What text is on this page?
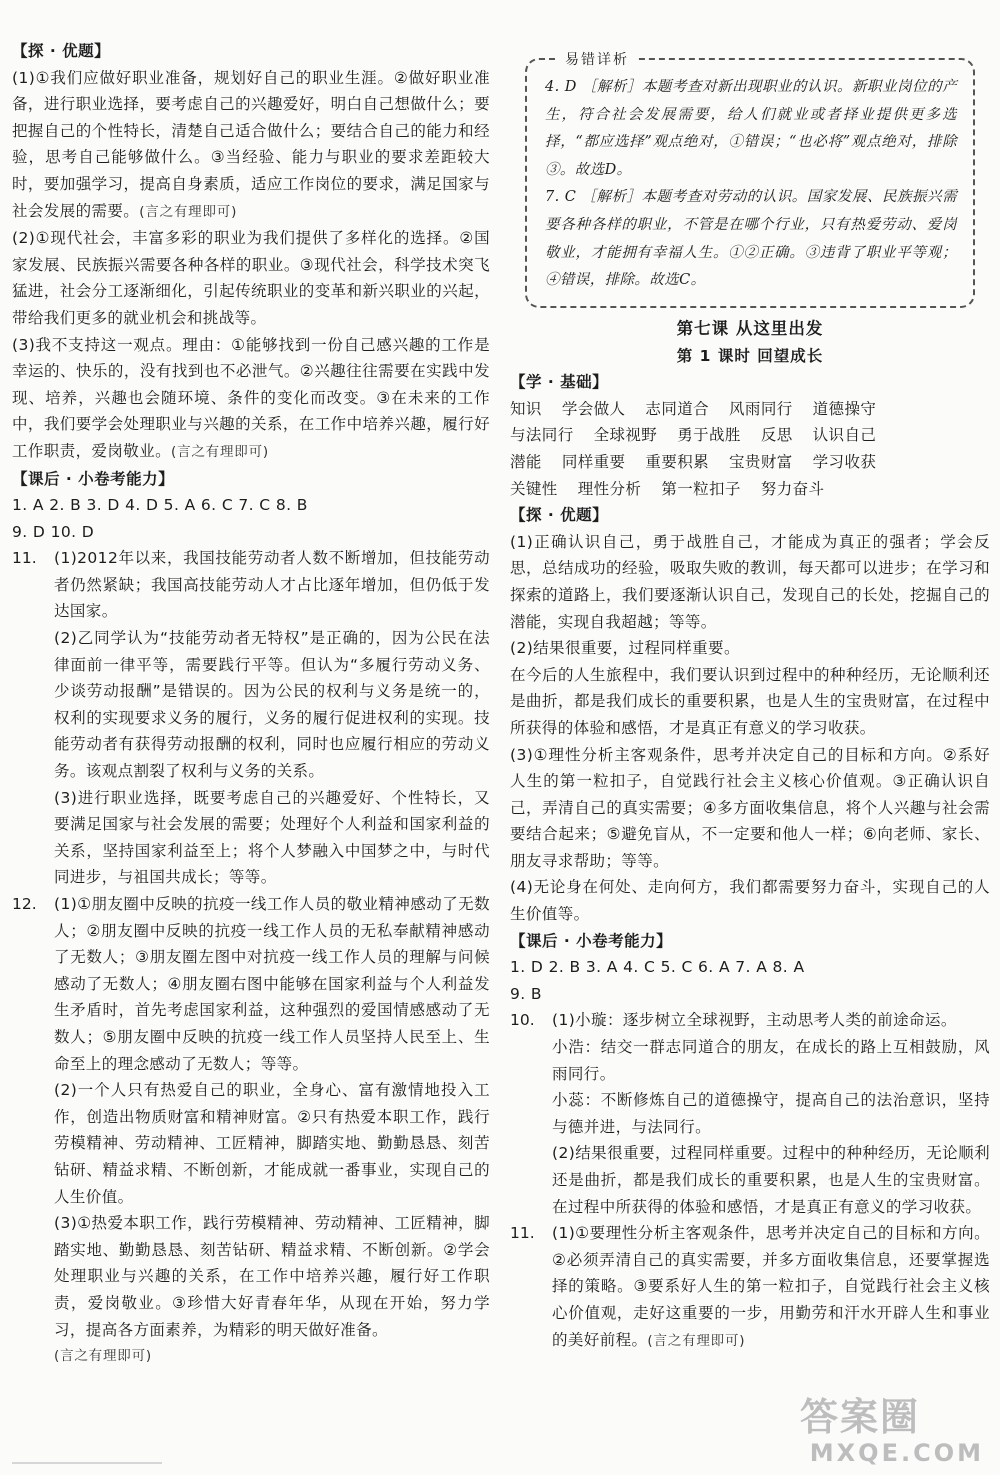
【探 · 优题】

(1)①我们应做好职业准备，规划好自己的职业生涯。②做好职业准备，进行职业选择，要考虑自己的兴趣爱好，明白自己想做什么；要把握自己的个性特长，清楚自己适合做什么；要结合自己的能力和经验，思考自己能够做什么。③当经验、能力与职业的要求差距较大时，要加强学习，提高自身素质，适应工作岗位的要求，满足国家与社会发展的需要。(言之有理即可)

(2)①现代社会，丰富多彩的职业为我们提供了多样化的选择。②国家发展、民族振兴需要各种各样的职业。③现代社会，科学技术突飞猛进，社会分工逐渐细化，引起传统职业的变革和新兴职业的兴起，带给我们更多的就业机会和挑战等。

(3)我不支持这一观点。理由：①能够找到一份自己感兴趣的工作是幸运的、快乐的，没有找到也不必泄气。②兴趣往往需要在实践中发现、培养，兴趣也会随环境、条件的变化而改变。③在未来的工作中，我们要学会处理职业与兴趣的关系，在工作中培养兴趣，履行好工作职责，爱岗敬业。(言之有理即可)

【课后 · 小卷考能力】

1. A 2. B 3. D 4. D 5. A 6. C 7. C 8. B

9. D 10. D

11.	(1)2012年以来，我国技能劳动者人数不断增加，但技能劳动者仍然紧缺；我国高技能劳动人才占比逐年增加，但仍低于发达国家。

(2)乙同学认为“技能劳动者无特权”是正确的，因为公民在法律面前一律平等，需要践行平等。但认为“多履行劳动义务、少谈劳动报酬”是错误的。因为公民的权利与义务是统一的，权利的实现要求义务的履行，义务的履行促进权利的实现。技能劳动者有获得劳动报酬的权利，同时也应履行相应的劳动义务。该观点割裂了权利与义务的关系。

(3)进行职业选择，既要考虑自己的兴趣爱好、个性特长，又要满足国家与社会发展的需要；处理好个人利益和国家利益的关系，坚持国家利益至上；将个人梦融入中国梦之中，与时代同进步，与祖国共成长；等等。

12.	(1)①朋友圈中反映的抗疫一线工作人员的敬业精神感动了无数人；②朋友圈中反映的抗疫一线工作人员的无私奉献精神感动了无数人；③朋友圈左图中对抗疫一线工作人员的理解与问候感动了无数人；④朋友圈右图中能够在国家利益与个人利益发生矛盾时，首先考虑国家利益，这种强烈的爱国情感感动了无数人；⑤朋友圈中反映的抗疫一线工作人员坚持人民至上、生命至上的理念感动了无数人；等等。

(2)一个人只有热爱自己的职业，全身心、富有激情地投入工作，创造出物质财富和精神财富。②只有热爱本职工作，践行劳模精神、劳动精神、工匠精神，脚踏实地、勤勤恳恳、刻苦钻研、精益求精、不断创新，才能成就一番事业，实现自己的人生价值。

(3)①热爱本职工作，践行劳模精神、劳动精神、工匠精神，脚踏实地、勤勤恳恳、刻苦钻研、精益求精、不断创新。②学会处理职业与兴趣的关系，在工作中培养兴趣，履行好工作职责，爱岗敬业。③珍惜大好青春年华，从现在开始，努力学习，提高各方面素养，为精彩的明天做好准备。

(言之有理即可)

易错详析

4. D ［解析］本题考查对新出现职业的认识。新职业岗位的产生，符合社会发展需要，给人们就业或者择业提供更多选择，“都应选择”观点绝对，①错误；“也必将”观点绝对，排除③。故选D。

7. C ［解析］本题考查对劳动的认识。国家发展、民族振兴需要各种各样的职业，不管是在哪个行业，只有热爱劳动、爱岗敬业，才能拥有幸福人生。①②正确。③违背了职业平等观；④错误，排除。故选C。

第七课 从这里出发
第 1 课时 回望成长

【学 · 基础】

知识 学会做人 志同道合 风雨同行 道德操守
与法同行 全球视野 勇于战胜 反思 认识自己
潜能 同样重要 重要积累 宝贵财富 学习收获
关键性 理性分析 第一粒扣子 努力奋斗

【探 · 优题】

(1)正确认识自己，勇于战胜自己，才能成为真正的强者；学会反思，总结成功的经验，吸取失败的教训，每天都可以进步；在学习和探索的道路上，我们要逐渐认识自己，发现自己的长处，挖掘自己的潜能，实现自我超越；等等。

(2)结果很重要，过程同样重要。

在今后的人生旅程中，我们要认识到过程中的种种经历，无论顺利还是曲折，都是我们成长的重要积累，也是人生的宝贵财富，在过程中所获得的体验和感悟，才是真正有意义的学习收获。

(3)①理性分析主客观条件，思考并决定自己的目标和方向。②系好人生的第一粒扣子，自觉践行社会主义核心价值观。③正确认识自己，弄清自己的真实需要；④多方面收集信息，将个人兴趣与社会需要结合起来；⑤避免盲从，不一定要和他人一样；⑥向老师、家长、朋友寻求帮助；等等。

(4)无论身在何处、走向何方，我们都需要努力奋斗，实现自己的人生价值等。

【课后 · 小卷考能力】

1. D 2. B 3. A 4. C 5. C 6. A 7. A 8. A

9. B

10.	(1)小璇：逐步树立全球视野，主动思考人类的前途命运。

小浩：结交一群志同道合的朋友，在成长的路上互相鼓励，风雨同行。

小蕊：不断修炼自己的道德操守，提高自己的法治意识，坚持与德并进，与法同行。

(2)结果很重要，过程同样重要。过程中的种种经历，无论顺利还是曲折，都是我们成长的重要积累，也是人生的宝贵财富。在过程中所获得的体验和感悟，才是真正有意义的学习收获。

11.	(1)①要理性分析主客观条件，思考并决定自己的目标和方向。②必须弄清自己的真实需要，并多方面收集信息，还要掌握选择的策略。③要系好人生的第一粒扣子，自觉践行社会主义核心价值观，走好这重要的一步，用勤劳和汗水开辟人生和事业的美好前程。(言之有理即可)

答案圈
MXQE.COM
